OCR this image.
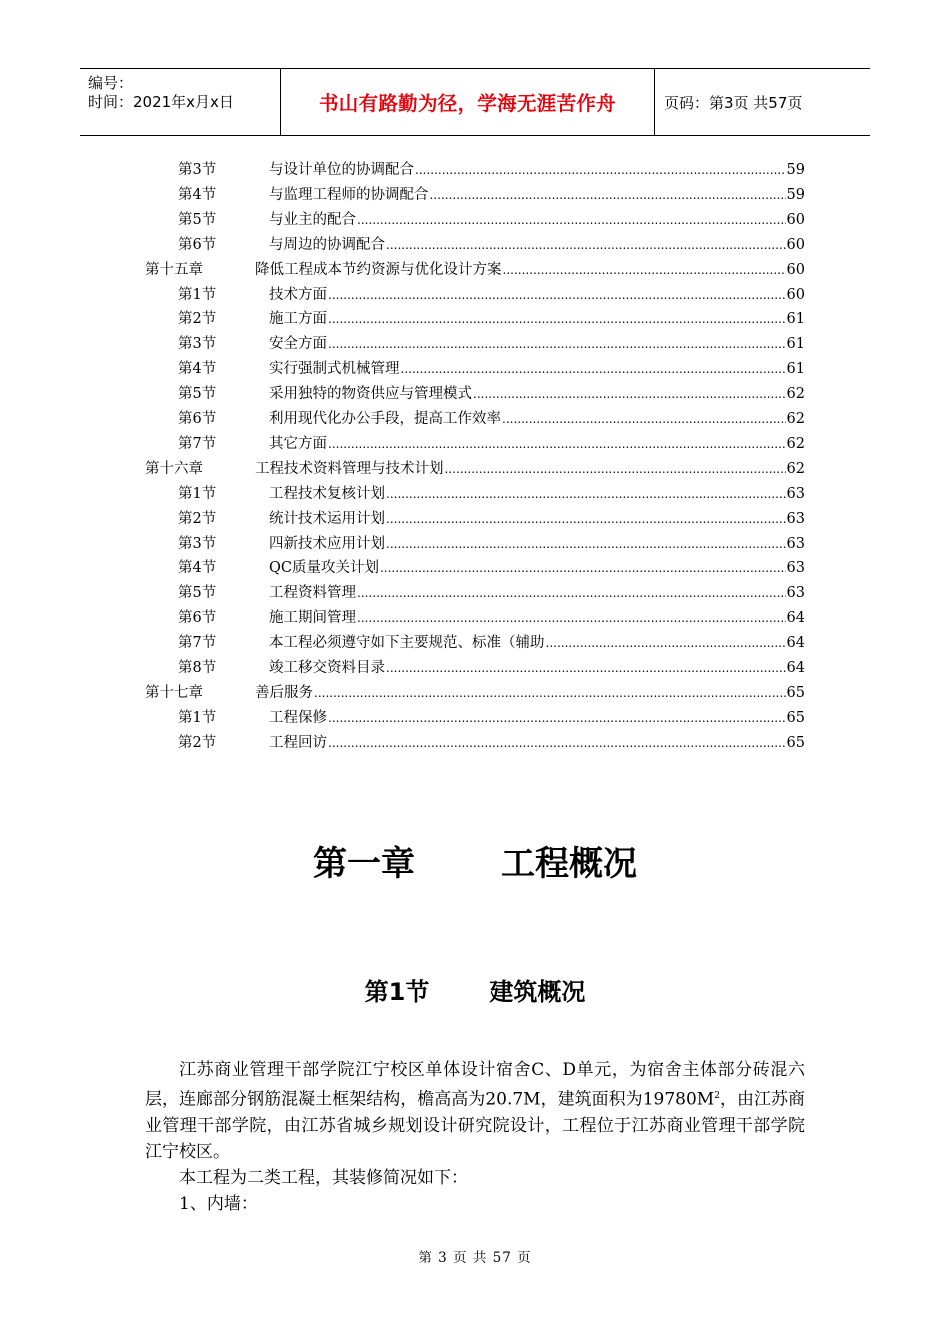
编号：
时间：2021年x月x日	书山有路勤为径，学海无涯苦作舟	页码：第3页 共57页
第3节	与设计单位的协调配合 .....	59
第4节	与监理工程师的协调配合 .....	59
第5节	与业主的配合 .....	60
第6节	与周边的协调配合 .....	60
第十五章	降低工程成本节约资源与优化设计方案 .....	60
第1节	技术方面 .....	60
第2节	施工方面 .....	61
第3节	安全方面 .....	61
第4节	实行强制式机械管理 .....	61
第5节	采用独特的物资供应与管理模式 .....	62
第6节	利用现代化办公手段，提高工作效率 .....	62
第7节	其它方面 .....	62
第十六章	工程技术资料管理与技术计划 .....	62
第1节	工程技术复核计划 .....	63
第2节	统计技术运用计划 .....	63
第3节	四新技术应用计划 .....	63
第4节	QC质量攻关计划 .....	63
第5节	工程资料管理 .....	63
第6节	施工期间管理 .....	64
第7节	本工程必须遵守如下主要规范、标准（辅助 .....	64
第8节	竣工移交资料目录 .....	64
第十七章	善后服务 .....	65
第1节	工程保修 .....	65
第2节	工程回访 .....	65
第一章	工程概况
第1节	建筑概况

江苏商业管理干部学院江宁校区单体设计宿舍C、D单元，为宿舍主体部分砖混六层，连廊部分钢筋混凝土框架结构，檐高高为20.7M，建筑面积为$19780M^2$，由江苏商业管理干部学院，由江苏省城乡规划设计研究院设计，工程位于江苏商业管理干部学院江宁校区。

本工程为二类工程，其装修简况如下：

1、内墙：

第 3 页 共 57 页
